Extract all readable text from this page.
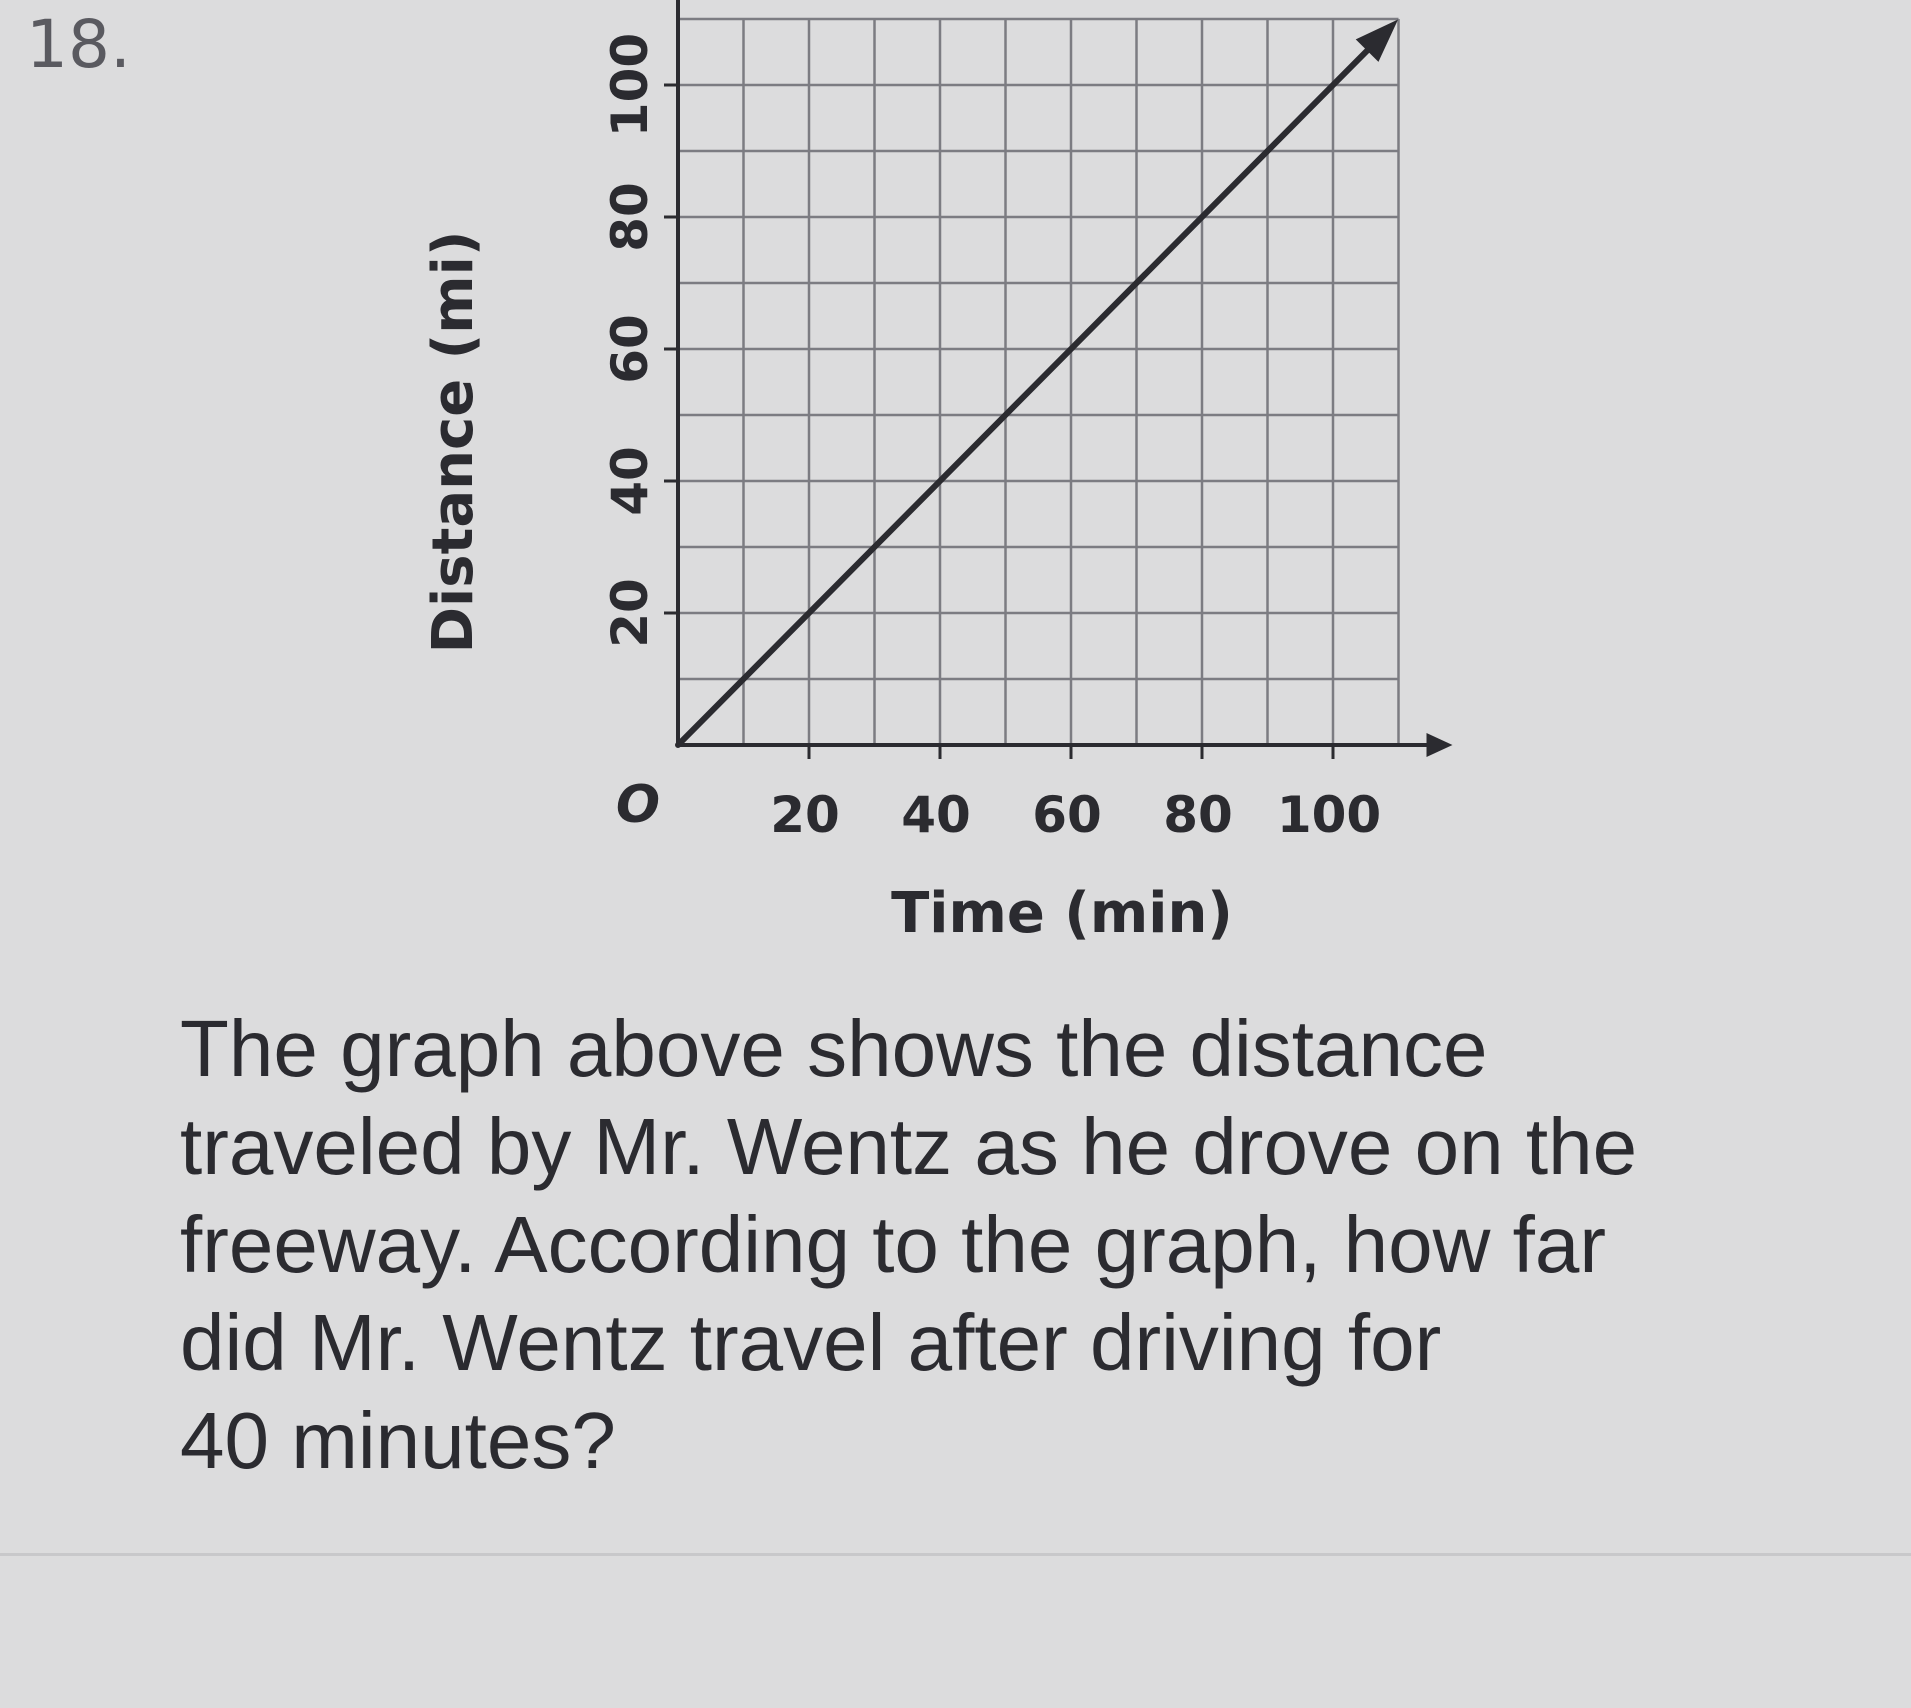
18.
20 40 60 80 100
20
40
60
80
100
Time (min)
Distance (mi)
O
The graph above shows the distance
traveled by Mr. Wentz as he drove on the
freeway. According to the graph, how far
did Mr. Wentz travel after driving for
40 minutes?
